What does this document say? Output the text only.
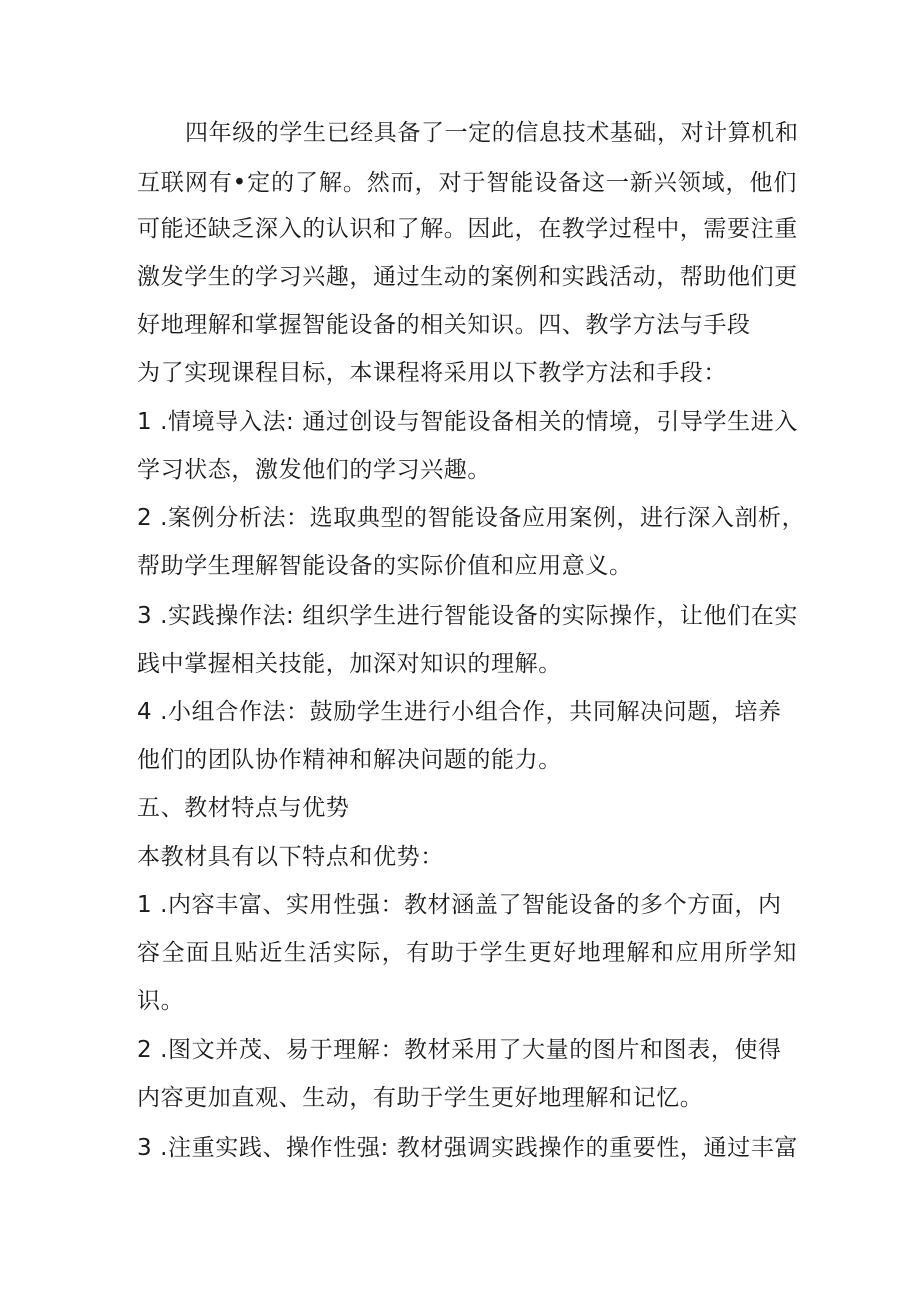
四年级的学生已经具备了一定的信息技术基础，对计算机和

互联网有•定的了解。然而，对于智能设备这一新兴领域，他们

可能还缺乏深入的认识和了解。因此，在教学过程中，需要注重

激发学生的学习兴趣，通过生动的案例和实践活动，帮助他们更

好地理解和掌握智能设备的相关知识。四、教学方法与手段

为了实现课程目标，本课程将采用以下教学方法和手段：

1 .情境导入法: 通过创设与智能设备相关的情境，引导学生进入

学习状态，激发他们的学习兴趣。

2 .案例分析法：选取典型的智能设备应用案例，进行深入剖析，

帮助学生理解智能设备的实际价值和应用意义。

3 .实践操作法: 组织学生进行智能设备的实际操作，让他们在实

践中掌握相关技能，加深对知识的理解。

4 .小组合作法：鼓励学生进行小组合作，共同解决问题，培养

他们的团队协作精神和解决问题的能力。

五、教材特点与优势

本教材具有以下特点和优势：

1 .内容丰富、实用性强：教材涵盖了智能设备的多个方面，内

容全面且贴近生活实际，有助于学生更好地理解和应用所学知

识。

2 .图文并茂、易于理解：教材采用了大量的图片和图表，使得

内容更加直观、生动，有助于学生更好地理解和记忆。

3 .注重实践、操作性强: 教材强调实践操作的重要性，通过丰富
